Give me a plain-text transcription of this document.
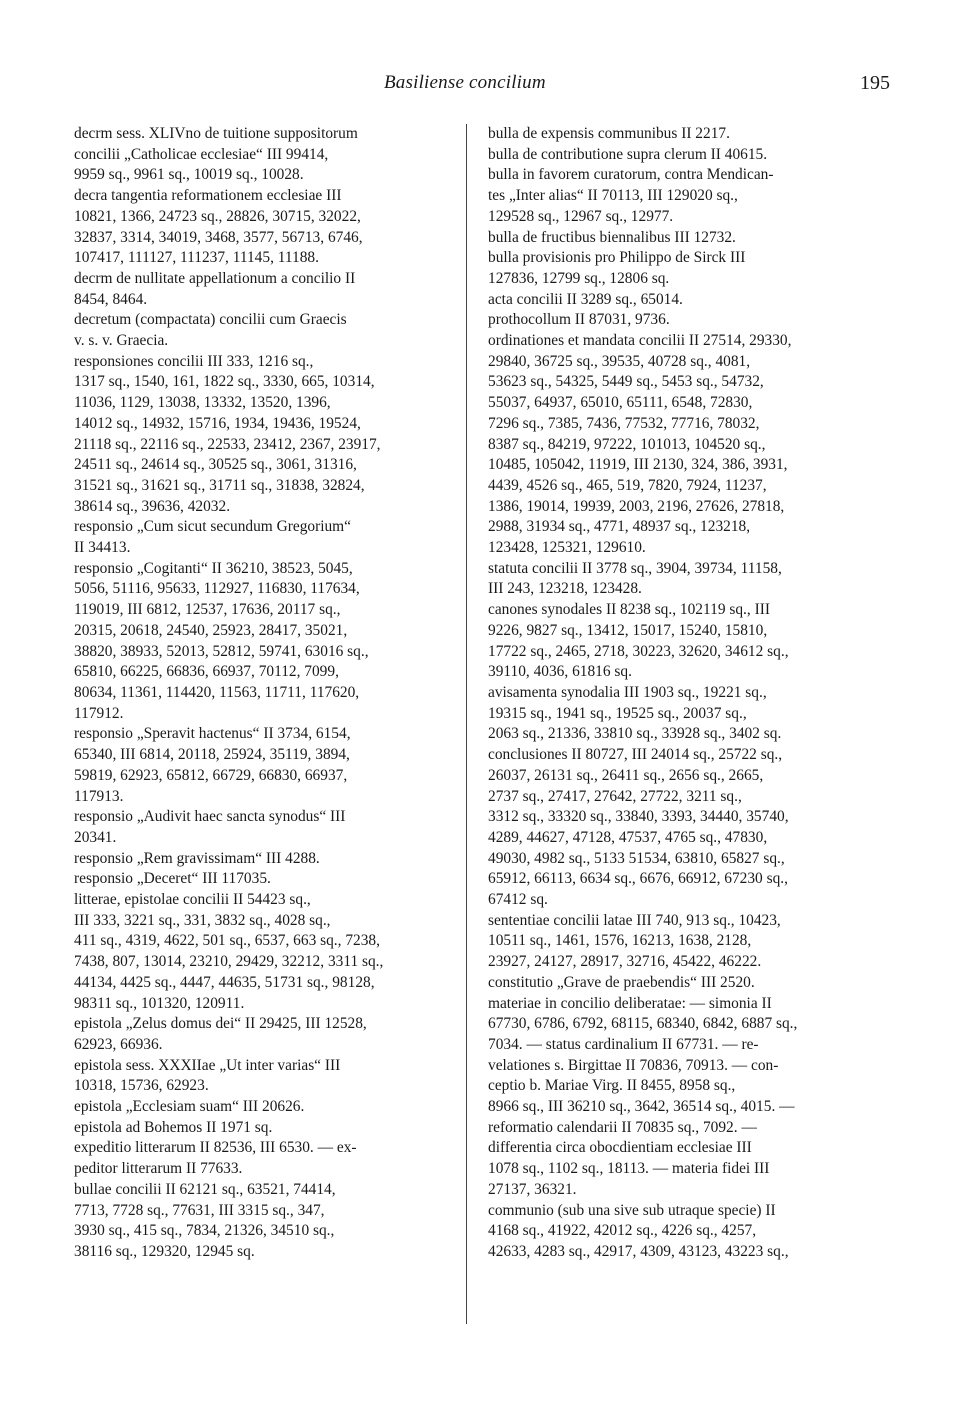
Basiliense concilium	195
decrm sess. XLIVno de tuitione suppositorum
concilii „Catholicae ecclesiae“ III 99414,
9959 sq., 9961 sq., 10019 sq., 10028.
decra tangentia reformationem ecclesiae III
10821, 1366, 24723 sq., 28826, 30715, 32022,
32837, 3314, 34019, 3468, 3577, 56713, 6746,
107417, 111127, 111237, 11145, 11188.
decrm de nullitate appellationum a concilio II
8454, 8464.
decretum (compactata) concilii cum Graecis
v. s. v. Graecia.
responsiones concilii III 333, 1216 sq.,
1317 sq., 1540, 161, 1822 sq., 3330, 665, 10314,
11036, 1129, 13038, 13332, 13520, 1396,
14012 sq., 14932, 15716, 1934, 19436, 19524,
21118 sq., 22116 sq., 22533, 23412, 2367, 23917,
24511 sq., 24614 sq., 30525 sq., 3061, 31316,
31521 sq., 31621 sq., 31711 sq., 31838, 32824,
38614 sq., 39636, 42032.
responsio „Cum sicut secundum Gregorium“
II 34413.
responsio „Cogitanti“ II 36210, 38523, 5045,
5056, 51116, 95633, 112927, 116830, 117634,
119019, III 6812, 12537, 17636, 20117 sq.,
20315, 20618, 24540, 25923, 28417, 35021,
38820, 38933, 52013, 52812, 59741, 63016 sq.,
65810, 66225, 66836, 66937, 70112, 7099,
80634, 11361, 114420, 11563, 11711, 117620,
117912.
responsio „Speravit hactenus“ II 3734, 6154,
65340, III 6814, 20118, 25924, 35119, 3894,
59819, 62923, 65812, 66729, 66830, 66937,
117913.
responsio „Audivit haec sancta synodus“ III
20341.
responsio „Rem gravissimam“ III 4288.
responsio „Deceret“ III 117035.
litterae, epistolae concilii II 54423 sq.,
III 333, 3221 sq., 331, 3832 sq., 4028 sq.,
411 sq., 4319, 4622, 501 sq., 6537, 663 sq., 7238,
7438, 807, 13014, 23210, 29429, 32212, 3311 sq.,
44134, 4425 sq., 4447, 44635, 51731 sq., 98128,
98311 sq., 101320, 120911.
epistola „Zelus domus dei“ II 29425, III 12528,
62923, 66936.
epistola sess. XXXIIae „Ut inter varias“ III
10318, 15736, 62923.
epistola „Ecclesiam suam“ III 20626.
epistola ad Bohemos II 1971 sq.
expeditio litterarum II 82536, III 6530. — ex-
peditor litterarum II 77633.
bullae concilii II 62121 sq., 63521, 74414,
7713, 7728 sq., 77631, III 3315 sq., 347,
3930 sq., 415 sq., 7834, 21326, 34510 sq.,
38116 sq., 129320, 12945 sq.
bulla de expensis communibus II 2217.
bulla de contributione supra clerum II 40615.
bulla in favorem curatorum, contra Mendican-
tes „Inter alias“ II 70113, III 129020 sq.,
129528 sq., 12967 sq., 12977.
bulla de fructibus biennalibus III 12732.
bulla provisionis pro Philippo de Sirck III
127836, 12799 sq., 12806 sq.
acta concilii II 3289 sq., 65014.
prothocollum II 87031, 9736.
ordinationes et mandata concilii II 27514, 29330,
29840, 36725 sq., 39535, 40728 sq., 4081,
53623 sq., 54325, 5449 sq., 5453 sq., 54732,
55037, 64937, 65010, 65111, 6548, 72830,
7296 sq., 7385, 7436, 77532, 77716, 78032,
8387 sq., 84219, 97222, 101013, 104520 sq.,
10485, 105042, 11919, III 2130, 324, 386, 3931,
4439, 4526 sq., 465, 519, 7820, 7924, 11237,
1386, 19014, 19939, 2003, 2196, 27626, 27818,
2988, 31934 sq., 4771, 48937 sq., 123218,
123428, 125321, 129610.
statuta concilii II 3778 sq., 3904, 39734, 11158,
III 243, 123218, 123428.
canones synodales II 8238 sq., 102119 sq., III
9226, 9827 sq., 13412, 15017, 15240, 15810,
17722 sq., 2465, 2718, 30223, 32620, 34612 sq.,
39110, 4036, 61816 sq.
avisamenta synodalia III 1903 sq., 19221 sq.,
19315 sq., 1941 sq., 19525 sq., 20037 sq.,
2063 sq., 21336, 33810 sq., 33928 sq., 3402 sq.
conclusiones II 80727, III 24014 sq., 25722 sq.,
26037, 26131 sq., 26411 sq., 2656 sq., 2665,
2737 sq., 27417, 27642, 27722, 3211 sq.,
3312 sq., 33320 sq., 33840, 3393, 34440, 35740,
4289, 44627, 47128, 47537, 4765 sq., 47830,
49030, 4982 sq., 5133 51534, 63810, 65827 sq.,
65912, 66113, 6634 sq., 6676, 66912, 67230 sq.,
67412 sq.
sententiae concilii latae III 740, 913 sq., 10423,
10511 sq., 1461, 1576, 16213, 1638, 2128,
23927, 24127, 28917, 32716, 45422, 46222.
constitutio „Grave de praebendis“ III 2520.
materiae in concilio deliberatae: — simonia II
67730, 6786, 6792, 68115, 68340, 6842, 6887 sq.,
7034. — status cardinalium II 67731. — re-
velationes s. Birgittae II 70836, 70913. — con-
ceptio b. Mariae Virg. II 8455, 8958 sq.,
8966 sq., III 36210 sq., 3642, 36514 sq., 4015. —
reformatio calendarii II 70835 sq., 7092. —
differentia circa obocdientiam ecclesiae III
1078 sq., 1102 sq., 18113. — materia fidei III
27137, 36321.
communio (sub una sive sub utraque specie) II
4168 sq., 41922, 42012 sq., 4226 sq., 4257,
42633, 4283 sq., 42917, 4309, 43123, 43223 sq.,
